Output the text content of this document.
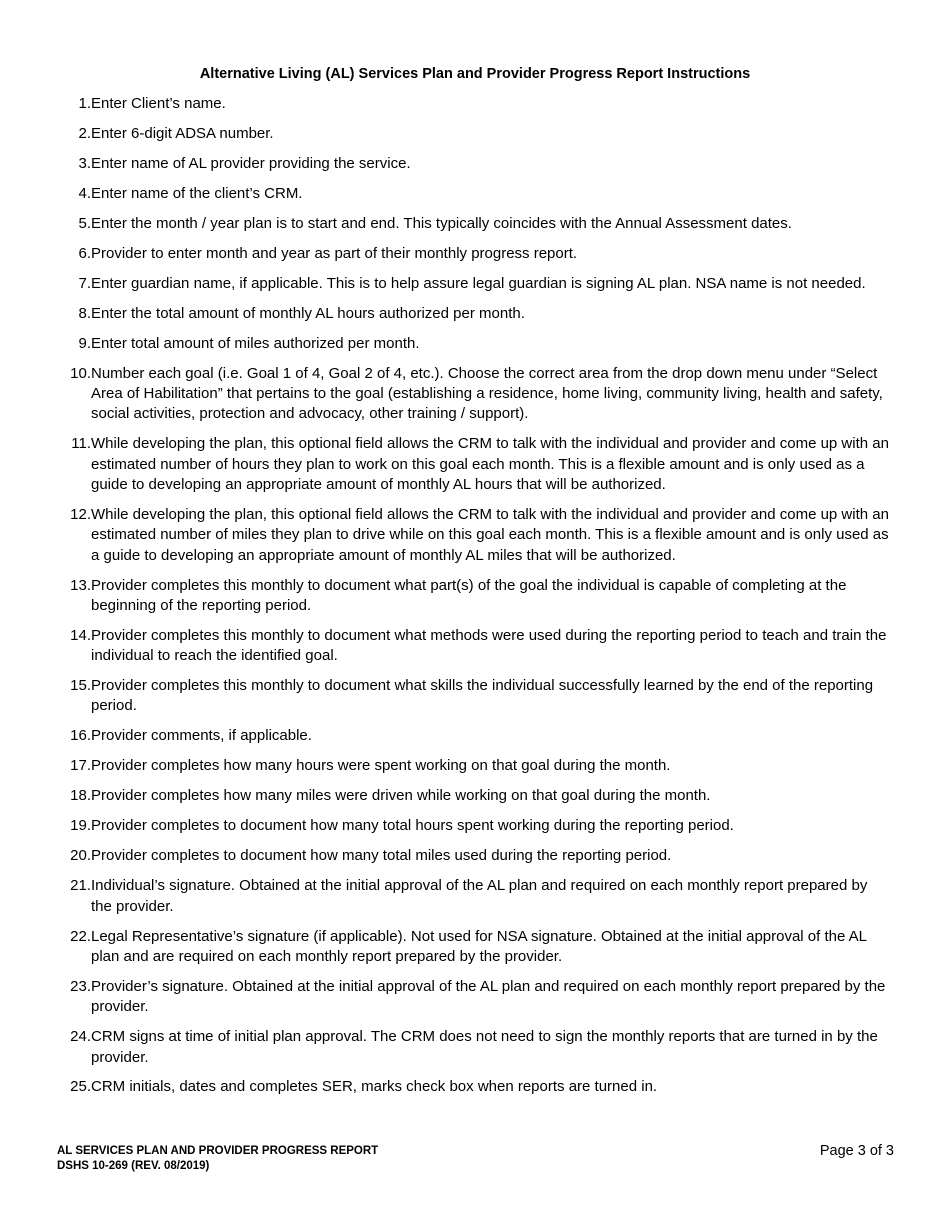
Alternative Living (AL) Services Plan and Provider Progress Report Instructions
1. Enter Client’s name.
2. Enter 6-digit ADSA number.
3. Enter name of AL provider providing the service.
4. Enter name of the client’s CRM.
5. Enter the month / year plan is to start and end. This typically coincides with the Annual Assessment dates.
6. Provider to enter month and year as part of their monthly progress report.
7. Enter guardian name, if applicable. This is to help assure legal guardian is signing AL plan. NSA name is not needed.
8. Enter the total amount of monthly AL hours authorized per month.
9. Enter total amount of miles authorized per month.
10. Number each goal (i.e. Goal 1 of 4, Goal 2 of 4, etc.). Choose the correct area from the drop down menu under “Select Area of Habilitation” that pertains to the goal (establishing a residence, home living, community living, health and safety, social activities, protection and advocacy, other training / support).
11. While developing the plan, this optional field allows the CRM to talk with the individual and provider and come up with an estimated number of hours they plan to work on this goal each month. This is a flexible amount and is only used as a guide to developing an appropriate amount of monthly AL hours that will be authorized.
12. While developing the plan, this optional field allows the CRM to talk with the individual and provider and come up with an estimated number of miles they plan to drive while on this goal each month. This is a flexible amount and is only used as a guide to developing an appropriate amount of monthly AL miles that will be authorized.
13. Provider completes this monthly to document what part(s) of the goal the individual is capable of completing at the beginning of the reporting period.
14. Provider completes this monthly to document what methods were used during the reporting period to teach and train the individual to reach the identified goal.
15. Provider completes this monthly to document what skills the individual successfully learned by the end of the reporting period.
16. Provider comments, if applicable.
17. Provider completes how many hours were spent working on that goal during the month.
18. Provider completes how many miles were driven while working on that goal during the month.
19. Provider completes to document how many total hours spent working during the reporting period.
20. Provider completes to document how many total miles used during the reporting period.
21. Individual’s signature. Obtained at the initial approval of the AL plan and required on each monthly report prepared by the provider.
22. Legal Representative’s signature (if applicable). Not used for NSA signature. Obtained at the initial approval of the AL plan and are required on each monthly report prepared by the provider.
23. Provider’s signature. Obtained at the initial approval of the AL plan and required on each monthly report prepared by the provider.
24. CRM signs at time of initial plan approval. The CRM does not need to sign the monthly reports that are turned in by the provider.
25. CRM initials, dates and completes SER, marks check box when reports are turned in.
AL SERVICES PLAN AND PROVIDER PROGRESS REPORT
DSHS 10-269 (REV. 08/2019)
Page 3 of 3
